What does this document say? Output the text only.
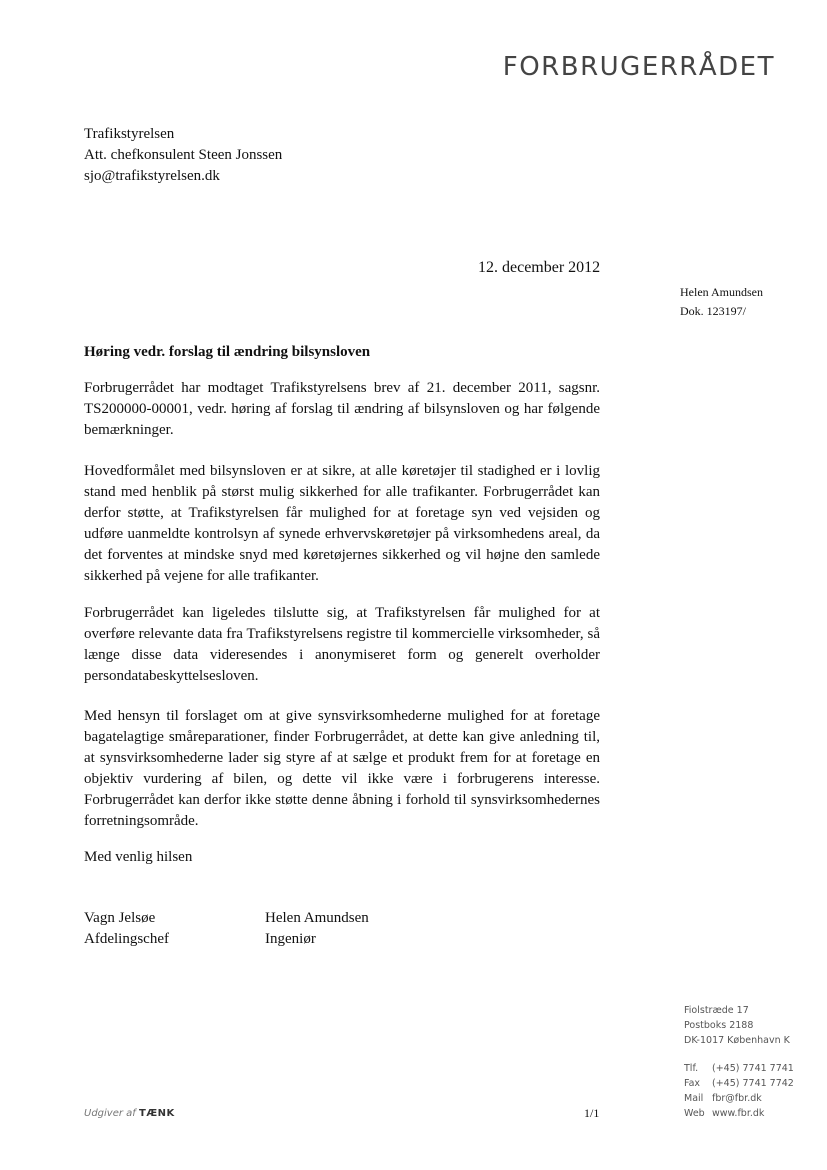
FORBRUGERRÅDET
Trafikstyrelsen
Att. chefkonsulent Steen Jonssen
sjo@trafikstyrelsen.dk
12. december 2012
Helen Amundsen
Dok. 123197/
Høring vedr. forslag til ændring bilsynsloven

Forbrugerrådet har modtaget Trafikstyrelsens brev af 21. december 2011, sagsnr. TS200000-00001, vedr. høring af forslag til ændring af bilsynsloven og har følgende bemærkninger.

Hovedformålet med bilsynsloven er at sikre, at alle køretøjer til stadighed er i lovlig stand med henblik på størst mulig sikkerhed for alle trafikanter. Forbrugerrådet kan derfor støtte, at Trafikstyrelsen får mulighed for at foretage syn ved vejsiden og udføre uanmeldte kontrolsyn af synede erhvervskøretøjer på virksomhedens areal, da det forventes at mindske snyd med køretøjernes sikkerhed og vil højne den samlede sikkerhed på vejene for alle trafikanter.

Forbrugerrådet kan ligeledes tilslutte sig, at Trafikstyrelsen får mulighed for at overføre relevante data fra Trafikstyrelsens registre til kommercielle virksomheder, så længe disse data videresendes i anonymiseret form og generelt overholder persondatabeskyttelsesloven.

Med hensyn til forslaget om at give synsvirksomhederne mulighed for at foretage bagatelagtige småreparationer, finder Forbrugerrådet, at dette kan give anledning til, at synsvirksomhederne lader sig styre af at sælge et produkt frem for at foretage en objektiv vurdering af bilen, og dette vil ikke være i forbrugerens interesse. Forbrugerrådet kan derfor ikke støtte denne åbning i forhold til synsvirksomhedernes forretningsområde.

Med venlig hilsen
Vagn Jelsøe
Afdelingschef
Helen Amundsen
Ingeniør
Fiolstræde 17
Postboks 2188
DK-1017 København K
Tlf. (+45) 7741 7741
Fax (+45) 7741 7742
Mail fbr@fbr.dk
Web www.fbr.dk
Udgiver af TÆNK	1/1
